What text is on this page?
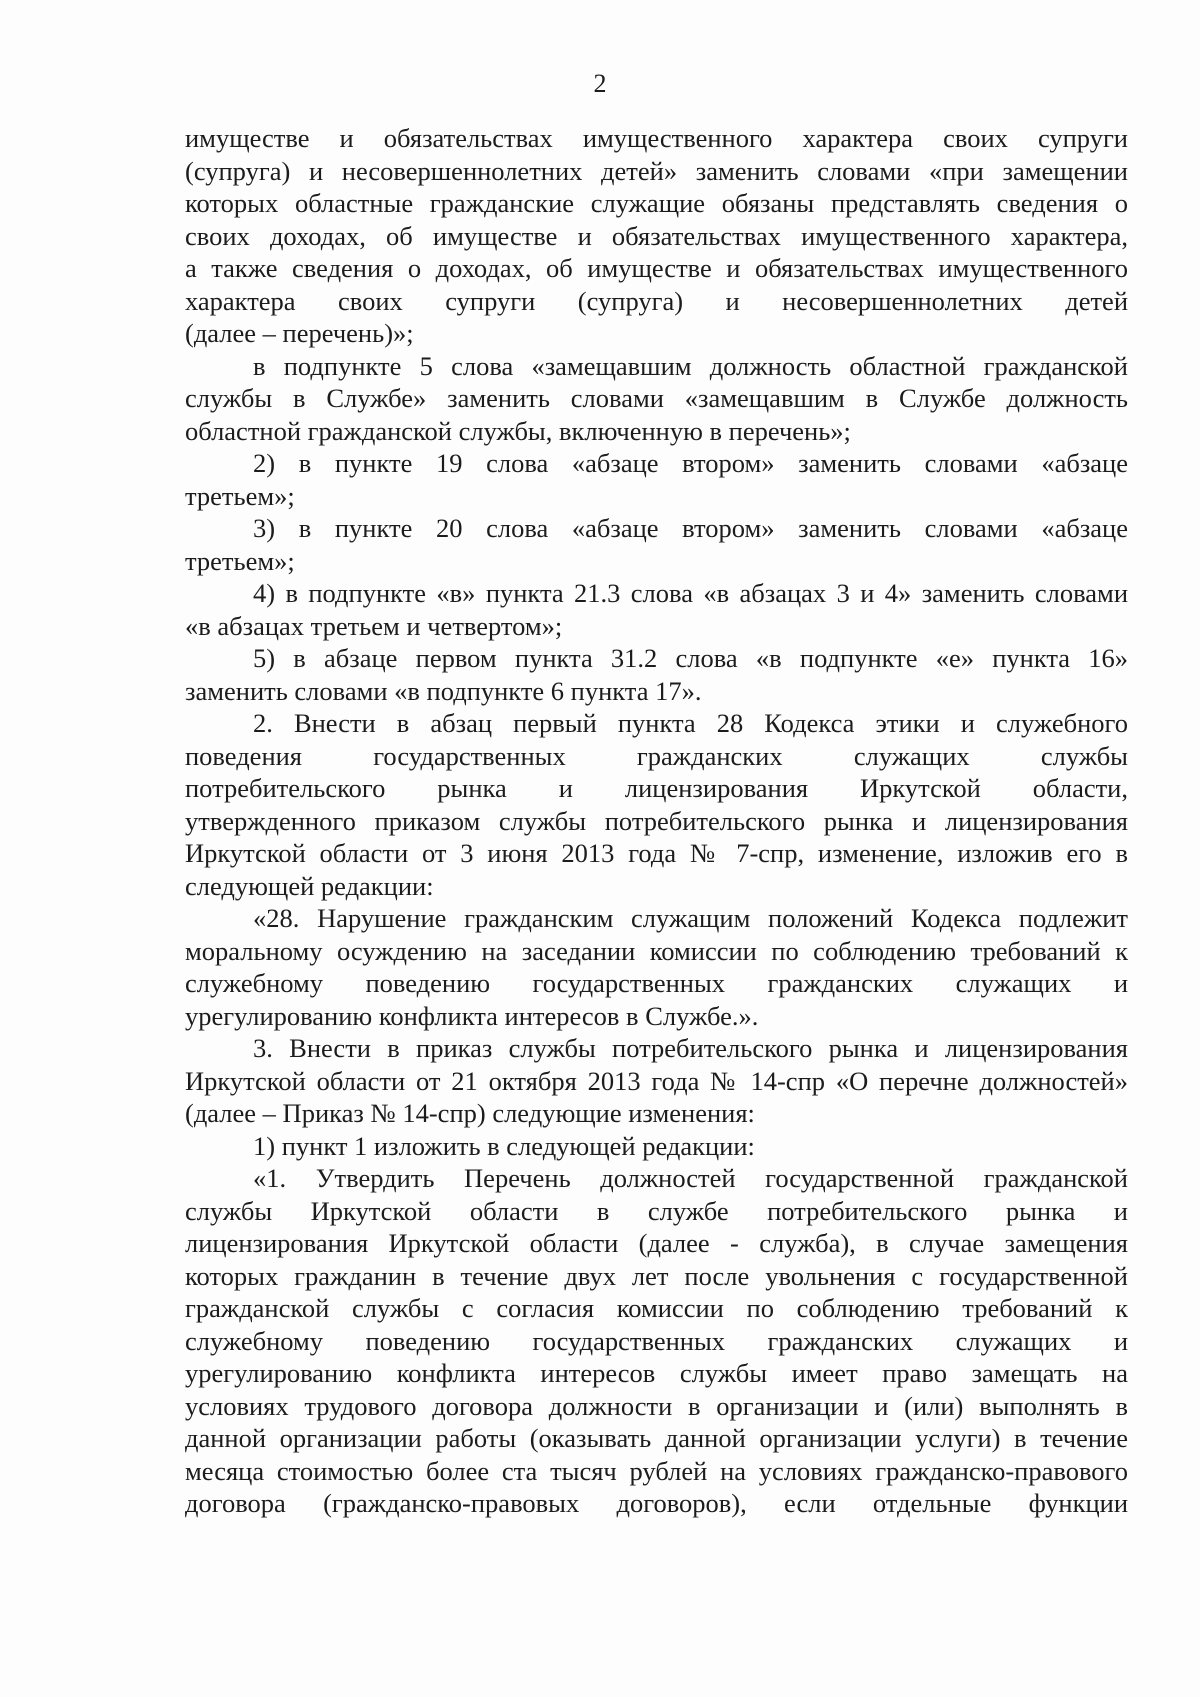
2
имуществе и обязательствах имущественного характера своих супруги
(супруга) и несовершеннолетних детей» заменить словами «при замещении
которых областные гражданские служащие обязаны представлять сведения о
своих доходах, об имуществе и обязательствах имущественного характера,
а также сведения о доходах, об имуществе и обязательствах имущественного
характера своих супруги (супруга) и несовершеннолетних детей
(далее – перечень)»;
в подпункте 5 слова «замещавшим должность областной гражданской
службы в Службе» заменить словами «замещавшим в Службе должность
областной гражданской службы, включенную в перечень»;
2) в пункте 19 слова «абзаце втором» заменить словами «абзаце
третьем»;
3) в пункте 20 слова «абзаце втором» заменить словами «абзаце
третьем»;
4) в подпункте «в» пункта 21.3 слова «в абзацах 3 и 4» заменить словами
«в абзацах третьем и четвертом»;
5) в абзаце первом пункта 31.2 слова «в подпункте «е» пункта 16»
заменить словами «в подпункте 6 пункта 17».
2. Внести в абзац первый пункта 28 Кодекса этики и служебного
поведения государственных гражданских служащих службы
потребительского рынка и лицензирования Иркутской области,
утвержденного приказом службы потребительского рынка и лицензирования
Иркутской области от 3 июня 2013 года № 7-спр, изменение, изложив его в
следующей редакции:
«28. Нарушение гражданским служащим положений Кодекса подлежит
моральному осуждению на заседании комиссии по соблюдению требований к
служебному поведению государственных гражданских служащих и
урегулированию конфликта интересов в Службе.».
3. Внести в приказ службы потребительского рынка и лицензирования
Иркутской области от 21 октября 2013 года № 14-спр «О перечне должностей»
(далее – Приказ № 14-спр) следующие изменения:
1) пункт 1 изложить в следующей редакции:
«1. Утвердить Перечень должностей государственной гражданской
службы Иркутской области в службе потребительского рынка и
лицензирования Иркутской области (далее - служба), в случае замещения
которых гражданин в течение двух лет после увольнения с государственной
гражданской службы с согласия комиссии по соблюдению требований к
служебному поведению государственных гражданских служащих и
урегулированию конфликта интересов службы имеет право замещать на
условиях трудового договора должности в организации и (или) выполнять в
данной организации работы (оказывать данной организации услуги) в течение
месяца стоимостью более ста тысяч рублей на условиях гражданско-правового
договора (гражданско-правовых договоров), если отдельные функции
